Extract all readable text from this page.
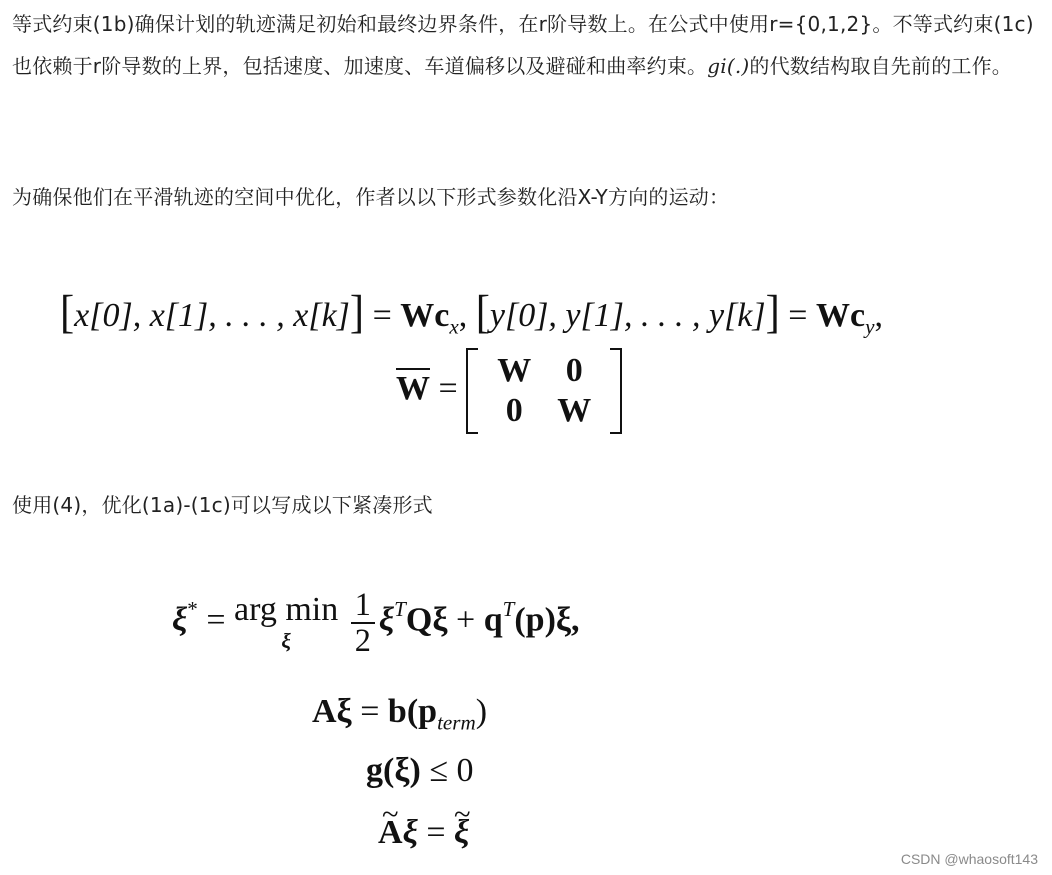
等式约束(1b)确保计划的轨迹满足初始和最终边界条件，在r阶导数上。在公式中使用r={0,1,2}。不等式约束(1c)也依赖于r阶导数的上界，包括速度、加速度、车道偏移以及避碰和曲率约束。gi(.)的代数结构取自先前的工作。

为确保他们在平滑轨迹的空间中优化，作者以以下形式参数化沿X-Y方向的运动：

[x[0], x[1], . . . , $x[k]] = Wc_x$, [y[0], y[1], . . . , $y[k]] = Wc_y$,
$\overline{W} = W$ 0
0 W

使用(4)，优化(1a)-(1c)可以写成以下紧凑形式

ξ* = arg min
ξ
$\frac{1}{2} \xi^TQ\xi + q^T(p)\xi$,
$A\xi = b(p_{term})$
g(ξ) ≤ 0
~ Aξ = ~ ξ
CSDN @whaosoft143
